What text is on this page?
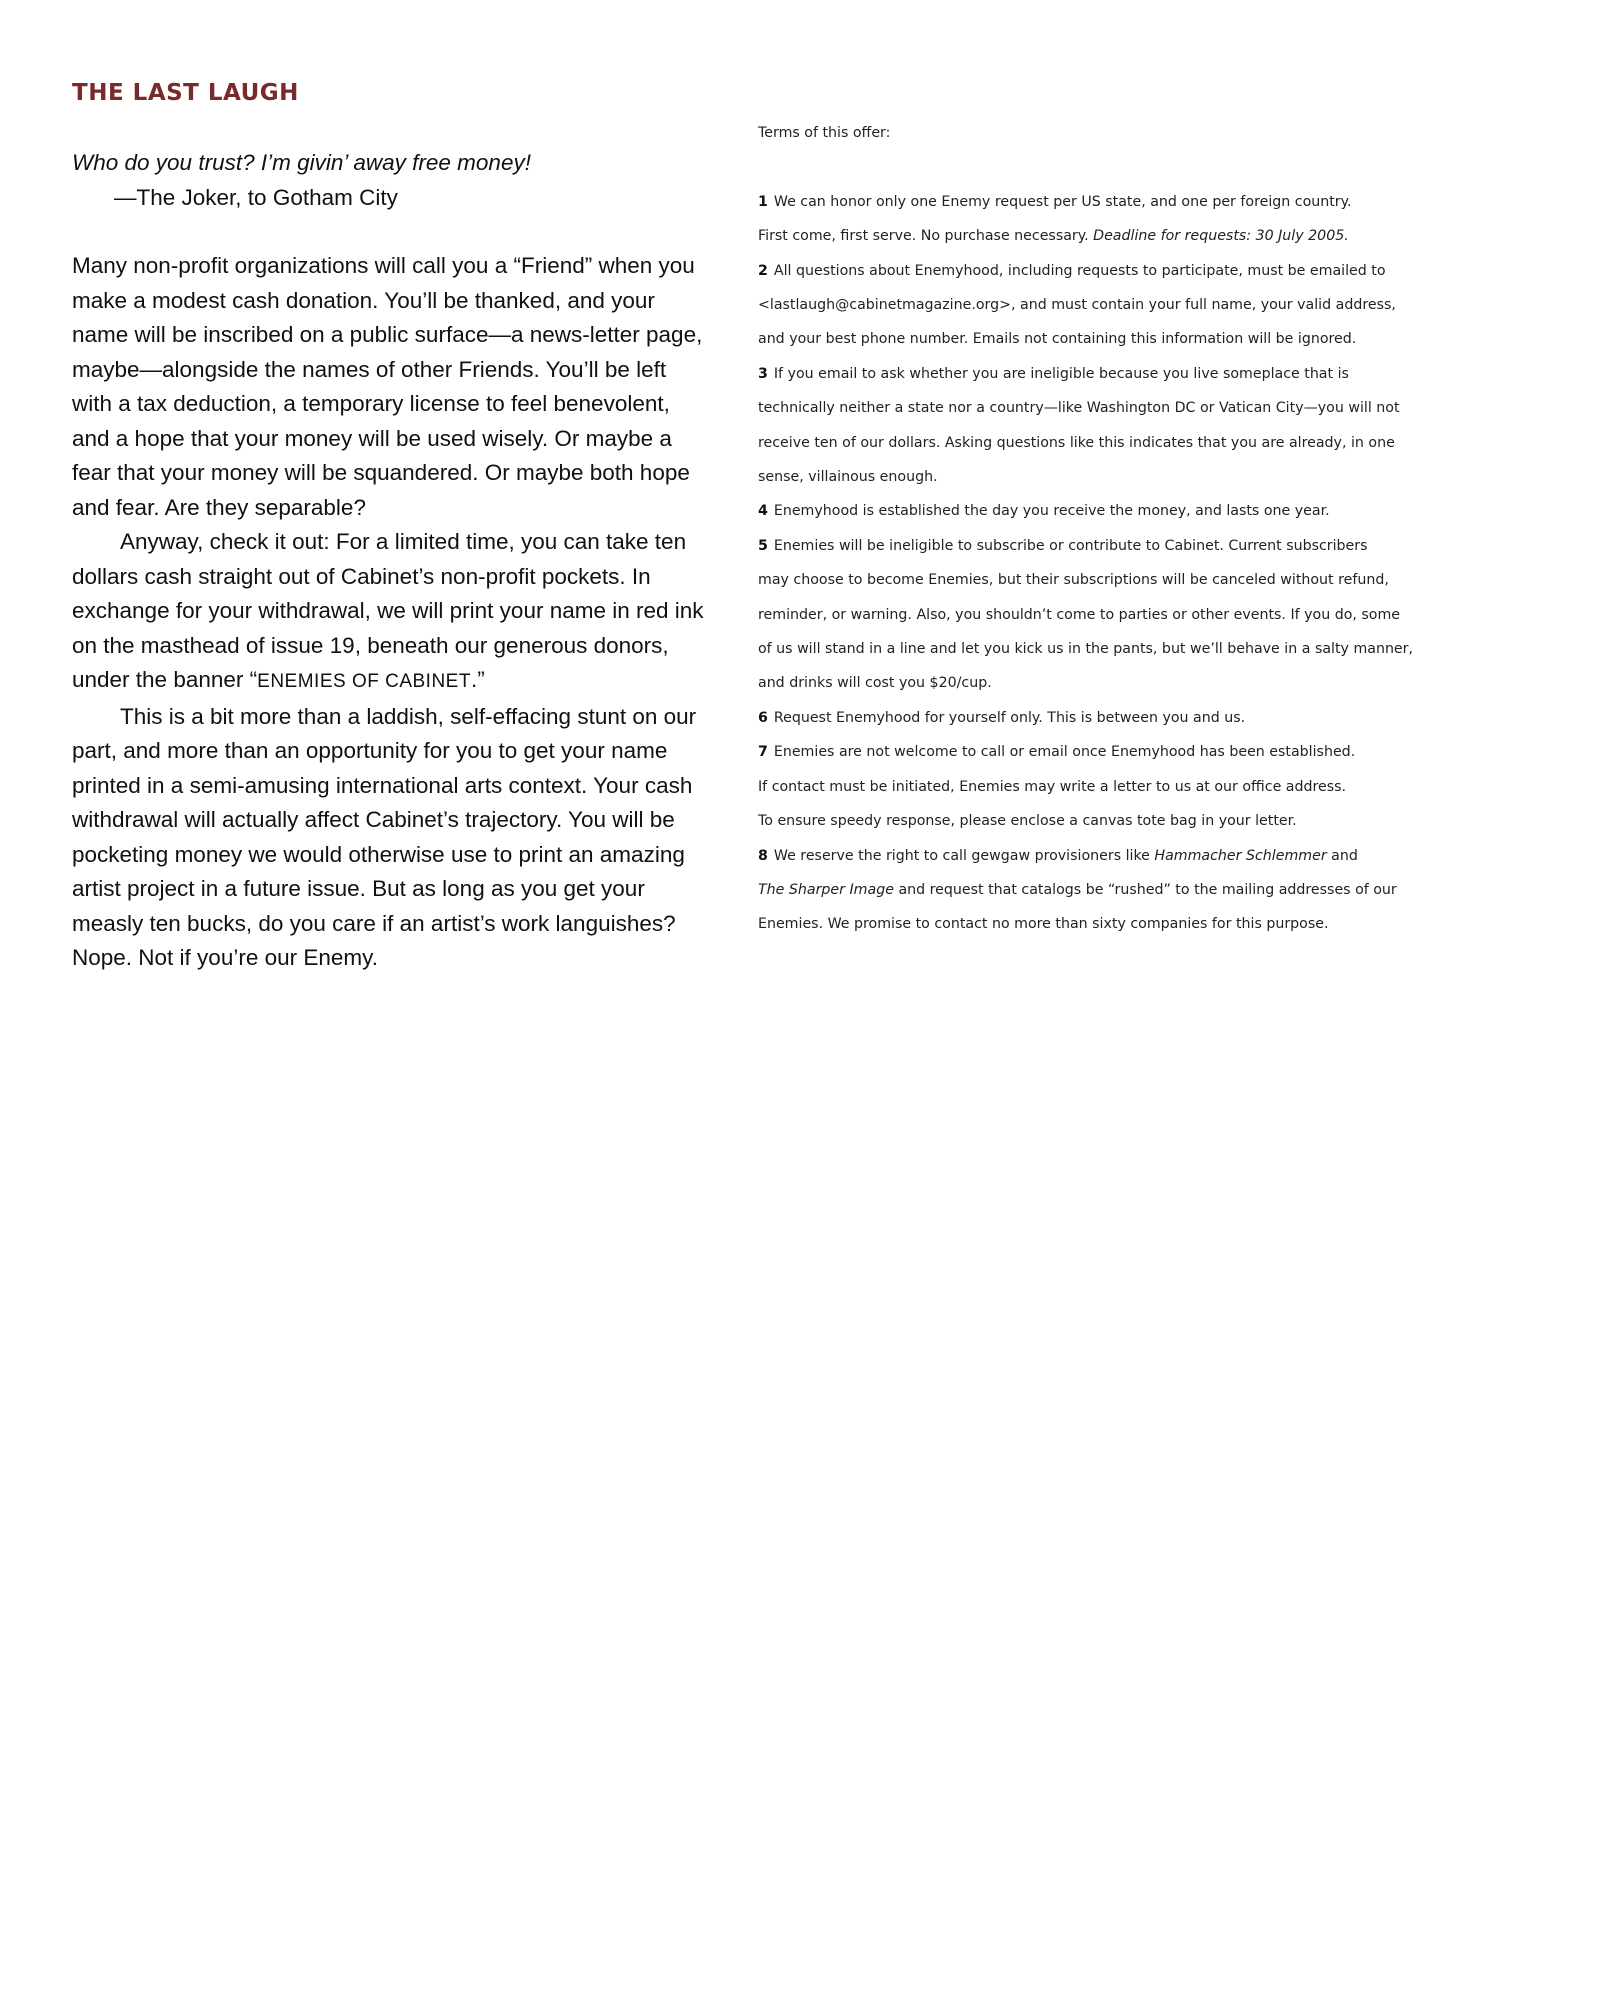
THE LAST LAUGH
Who do you trust? I’m givin’ away free money!
—The Joker, to Gotham City

Many non-profit organizations will call you a “Friend” when you make a modest cash donation. You’ll be thanked, and your name will be inscribed on a public surface—a news-letter page, maybe—alongside the names of other Friends. You’ll be left with a tax deduction, a temporary license to feel benevolent, and a hope that your money will be used wisely. Or maybe a fear that your money will be squandered. Or maybe both hope and fear. Are they separable?

Anyway, check it out: For a limited time, you can take ten dollars cash straight out of Cabinet’s non-profit pockets. In exchange for your withdrawal, we will print your name in red ink on the masthead of issue 19, beneath our generous donors, under the banner “ENEMIES OF CABINET.”

This is a bit more than a laddish, self-effacing stunt on our part, and more than an opportunity for you to get your name printed in a semi-amusing international arts context. Your cash withdrawal will actually affect Cabinet’s trajectory. You will be pocketing money we would otherwise use to print an amazing artist project in a future issue. But as long as you get your measly ten bucks, do you care if an artist’s work languishes? Nope. Not if you’re our Enemy.

Terms of this offer:
1 We can honor only one Enemy request per US state, and one per foreign country.
First come, first serve. No purchase necessary. Deadline for requests: 30 July 2005.
2 All questions about Enemyhood, including requests to participate, must be emailed to
<lastlaugh@cabinetmagazine.org>, and must contain your full name, your valid address,
and your best phone number. Emails not containing this information will be ignored.
3 If you email to ask whether you are ineligible because you live someplace that is
technically neither a state nor a country—like Washington DC or Vatican City—you will not
receive ten of our dollars. Asking questions like this indicates that you are already, in one
sense, villainous enough.
4 Enemyhood is established the day you receive the money, and lasts one year.
5 Enemies will be ineligible to subscribe or contribute to Cabinet. Current subscribers
may choose to become Enemies, but their subscriptions will be canceled without refund,
reminder, or warning. Also, you shouldn’t come to parties or other events. If you do, some
of us will stand in a line and let you kick us in the pants, but we’ll behave in a salty manner,
and drinks will cost you $20/cup.
6 Request Enemyhood for yourself only. This is between you and us.
7 Enemies are not welcome to call or email once Enemyhood has been established.
If contact must be initiated, Enemies may write a letter to us at our office address.
To ensure speedy response, please enclose a canvas tote bag in your letter.
8 We reserve the right to call gewgaw provisioners like Hammacher Schlemmer and
The Sharper Image and request that catalogs be “rushed” to the mailing addresses of our
Enemies. We promise to contact no more than sixty companies for this purpose.
